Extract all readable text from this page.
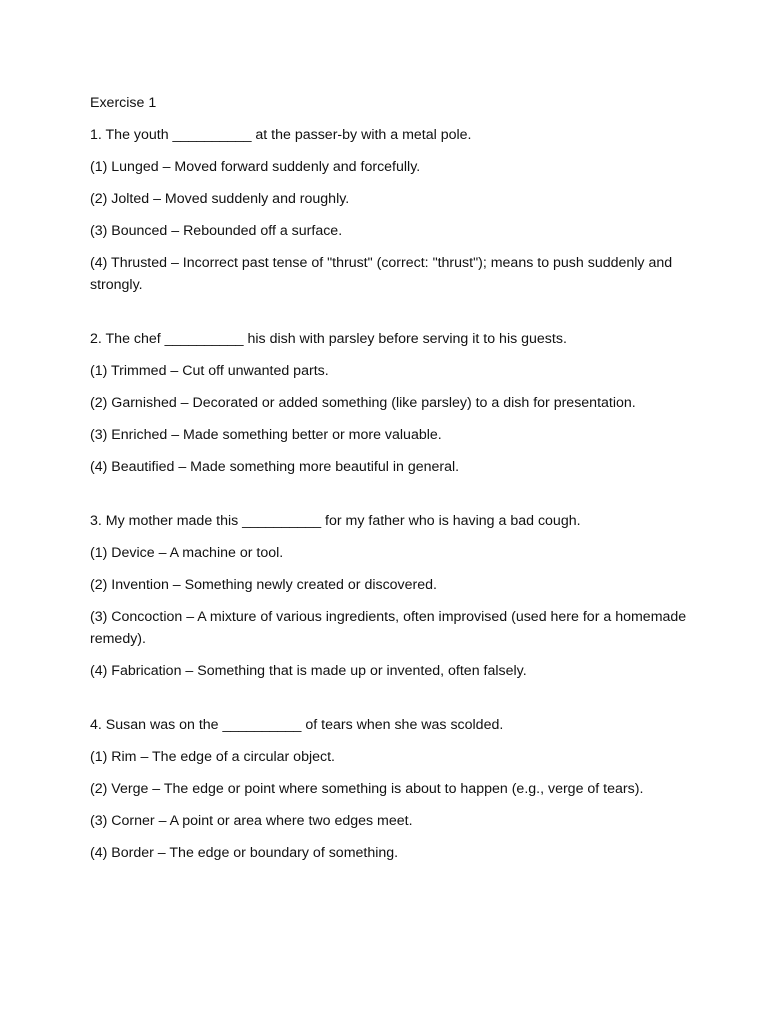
Exercise 1
1. The youth __________ at the passer-by with a metal pole.
(1) Lunged – Moved forward suddenly and forcefully.
(2) Jolted – Moved suddenly and roughly.
(3) Bounced – Rebounded off a surface.
(4) Thrusted – Incorrect past tense of "thrust" (correct: "thrust"); means to push suddenly and strongly.
2. The chef __________ his dish with parsley before serving it to his guests.
(1) Trimmed – Cut off unwanted parts.
(2) Garnished – Decorated or added something (like parsley) to a dish for presentation.
(3) Enriched – Made something better or more valuable.
(4) Beautified – Made something more beautiful in general.
3. My mother made this __________ for my father who is having a bad cough.
(1) Device – A machine or tool.
(2) Invention – Something newly created or discovered.
(3) Concoction – A mixture of various ingredients, often improvised (used here for a homemade remedy).
(4) Fabrication – Something that is made up or invented, often falsely.
4. Susan was on the __________ of tears when she was scolded.
(1) Rim – The edge of a circular object.
(2) Verge – The edge or point where something is about to happen (e.g., verge of tears).
(3) Corner – A point or area where two edges meet.
(4) Border – The edge or boundary of something.
